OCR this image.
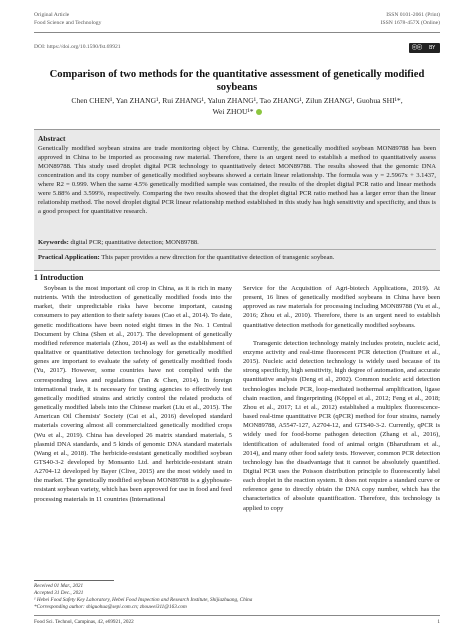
Original Article
Food Science and Technology
ISSN 0101-2061 (Print)
ISSN 1678-457X (Online)
DOI: https://doi.org/10.1590/fst.69921	ⓒⓒ BY
Comparison of two methods for the quantitative assessment of genetically modified soybeans
Chen CHEN¹, Yan ZHANG¹, Rui ZHANG¹, Yalun ZHANG¹, Tao ZHANG¹, Zilun ZHANG¹, Guohua SHI¹*,
Wei ZHOU¹*
Abstract
Genetically modified soybean strains are trade monitoring object by China. Currently, the genetically modified soybean MON89788 has been approved in China to be imported as processing raw material. Therefore, there is an urgent need to establish a method to quantitatively assess MON89788. This study used droplet digital PCR technology to quantitatively detect MON89788. The results showed that the genomic DNA concentration and its copy number of genetically modified soybeans showed a certain linear relationship. The formula was y = 2.5967x + 3.1437, where R2 = 0.999. When the same 4.5% genetically modified sample was contained, the results of the droplet digital PCR ratio and linear methods were 5.88% and 3.599%, respectively. Comparing the two results showed that the droplet digital PCR ratio method has a larger error than the linear relationship method. The novel droplet digital PCR linear relationship method established in this study has high sensitivity and specificity, and thus is a good prospect for quantitative research.
Keywords: digital PCR; quantitative detection; MON89788.
Practical Application: This paper provides a new direction for the quantitative detection of transgenic soybean.
1 Introduction

Soybean is the most important oil crop in China, as it is rich in many nutrients. With the introduction of genetically modified foods into the market, their unpredictable risks have become important, causing consumers to pay attention to their safety issues (Cao et al., 2014). To date, genetic modifications have been noted eight times in the No. 1 Central Document by China (Shen et al., 2017). The development of genetically modified reference materials (Zhou, 2014) as well as the establishment of qualitative or quantitative detection technology for genetically modified genes are important to evaluate the safety of genetically modified foods (Yu, 2017). However, some countries have not complied with the corresponding laws and regulations (Tan & Chen, 2014). In foreign international trade, it is necessary for testing agencies to effectively test genetically modified strains and strictly control the related products of genetically modified labels into the Chinese market (Liu et al., 2015). The American Oil Chemists' Society (Cai et al., 2016) developed standard materials covering almost all commercialized genetically modified crops (Wu et al., 2019). China has developed 26 matrix standard materials, 5 plasmid DNA standards, and 5 kinds of genomic DNA standard materials (Wang et al., 2018). The herbicide-resistant genetically modified soybean GTS40-3-2 developed by Monsanto Ltd. and herbicide-resistant strain A2704-12 developed by Bayer (Clive, 2015) are the most widely used in the market. The genetically modified soybean MON89788 is a glyphosate-resistant soybean variety, which has been approved for use in food and feed processing materials in 11 countries (International

Service for the Acquisition of Agri-biotech Applications, 2019). At present, 16 lines of genetically modified soybeans in China have been approved as raw materials for processing including MON89788 (Yu et al., 2016; Zhou et al., 2010). Therefore, there is an urgent need to establish quantitative detection methods for genetically modified soybeans.

Transgenic detection technology mainly includes protein, nucleic acid, enzyme activity and real-time fluorescent PCR detection (Fraiture et al., 2015). Nucleic acid detection technology is widely used because of its strong specificity, high sensitivity, high degree of automation, and accurate quantitative analysis (Deng et al., 2002). Common nucleic acid detection technologies include PCR, loop-mediated isothermal amplification, ligase chain reaction, and fingerprinting (Köppel et al., 2012; Feng et al., 2018; Zhou et al., 2017; Li et al., 2012) established a multiplex fluorescence-based real-time quantitative PCR (qPCR) method for four strains, namely MON89788, A5547-127, A2704-12, and GTS40-3-2. Currently, qPCR is widely used for food-borne pathogen detection (Zhang et al., 2016), identification of adulterated food of animal origin (Bharuthram et al., 2014), and many other food safety tests. However, common PCR detection technology has the disadvantage that it cannot be absolutely quantified. Digital PCR uses the Poisson distribution principle to fluorescently label each droplet in the reaction system. It does not require a standard curve or reference gene to directly obtain the DNA copy number, which has the characteristics of absolute quantification. Therefore, this technology is applied to copy

Received 01 Mar., 2021
Accepted 31 Dec., 2021
¹ Hebei Food Safety Key Laboratory, Hebei Food Inspection and Research Institute, Shijiazhuang, China
*Corresponding author: shiguohua@sepi.com.cn; zhouwei311@163.com
Food Sci. Technol, Campinas, 42, e69921, 2022	1
